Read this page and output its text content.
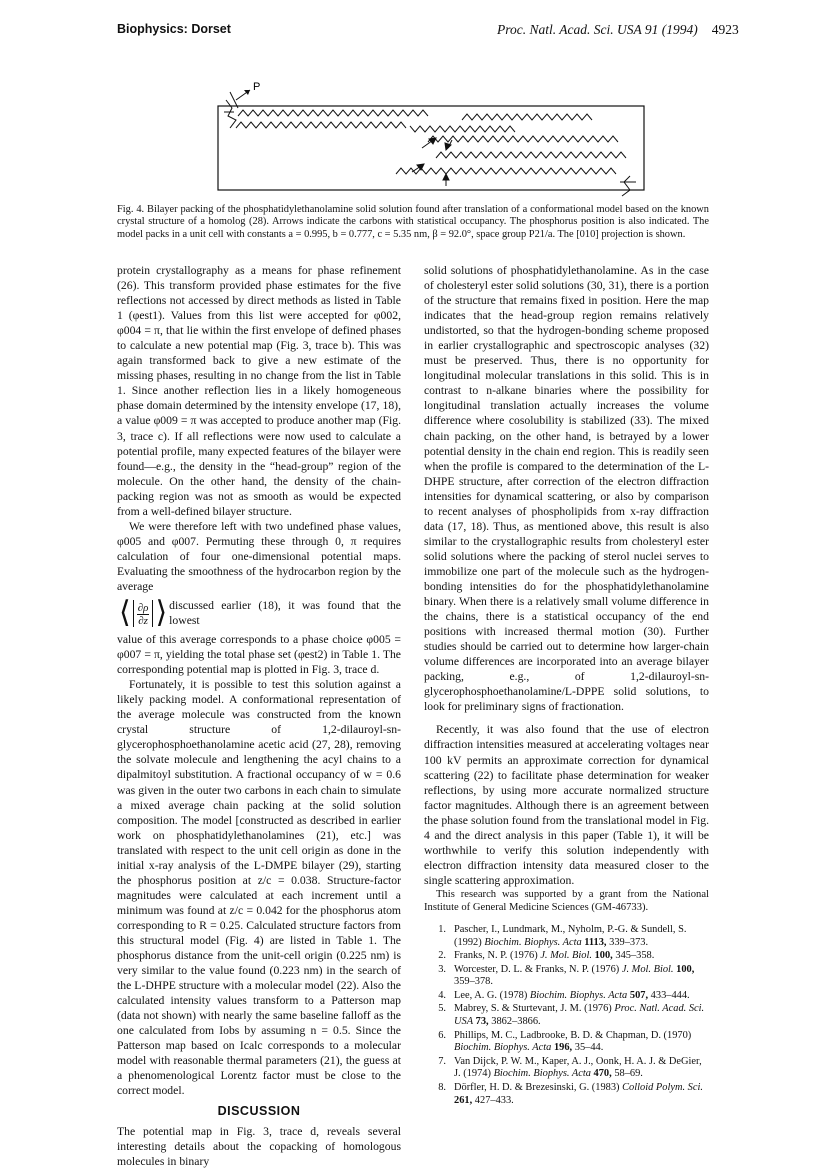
Biophysics: Dorset	Proc. Natl. Acad. Sci. USA 91 (1994) 4923
P
Fig. 4. Bilayer packing of the phosphatidylethanolamine solid solution found after translation of a conformational model based on the known crystal structure of a homolog (28). Arrows indicate the carbons with statistical occupancy. The phosphorus position is also indicated. The model packs in a unit cell with constants a = 0.995, b = 0.777, c = 5.35 nm, β = 92.0°, space group P21/a. The [010] projection is shown.

protein crystallography as a means for phase refinement (26). This transform provided phase estimates for the five reflections not accessed by direct methods as listed in Table 1 (φest1). Values from this list were accepted for φ002, φ004 = π, that lie within the first envelope of defined phases to calculate a new potential map (Fig. 3, trace b). This was again transformed back to give a new estimate of the missing phases, resulting in no change from the list in Table 1. Since another reflection lies in a likely homogeneous phase domain determined by the intensity envelope (17, 18), a value φ009 = π was accepted to produce another map (Fig. 3, trace c). If all reflections were now used to calculate a potential profile, many expected features of the bilayer were found—e.g., the density in the “head-group” region of the molecule. On the other hand, the density of the chain-packing region was not as smooth as would be expected from a well-defined bilayer structure.

We were therefore left with two undefined phase values, φ005 and φ007. Permuting these through 0, π requires calculation of four one-dimensional potential maps. Evaluating the smoothness of the hydrocarbon region by the average

⟨ $\frac{\partial\rho}{\partial z}$ ⟩ discussed earlier (18), it was found that the lowest

value of this average corresponds to a phase choice φ005 = φ007 = π, yielding the total phase set (φest2) in Table 1. The corresponding potential map is plotted in Fig. 3, trace d.

Fortunately, it is possible to test this solution against a likely packing model. A conformational representation of the average molecule was constructed from the known crystal structure of 1,2-dilauroyl-sn-glycerophosphoethanolamine acetic acid (27, 28), removing the solvate molecule and lengthening the acyl chains to a dipalmitoyl substitution. A fractional occupancy of w = 0.6 was given in the outer two carbons in each chain to simulate a mixed average chain packing at the solid solution composition. The model [constructed as described in earlier work on phosphatidylethanolamines (21), etc.] was translated with respect to the unit cell origin as done in the initial x-ray analysis of the L-DMPE bilayer (29), starting the phosphorus position at z/c = 0.038. Structure-factor magnitudes were calculated at each increment until a minimum was found at z/c = 0.042 for the phosphorus atom corresponding to R = 0.25. Calculated structure factors from this structural model (Fig. 4) are listed in Table 1. The phosphorus distance from the unit-cell origin (0.225 nm) is very similar to the value found (0.223 nm) in the search of the L-DHPE structure with a molecular model (22). Also the calculated intensity values transform to a Patterson map (data not shown) with nearly the same baseline falloff as the one calculated from Iobs by assuming n = 0.5. Since the Patterson map based on Icalc corresponds to a molecular model with reasonable thermal parameters (21), the guess at a phenomenological Lorentz factor must be close to the correct model.

DISCUSSION

The potential map in Fig. 3, trace d, reveals several interesting details about the copacking of homologous molecules in binary

solid solutions of phosphatidylethanolamine. As in the case of cholesteryl ester solid solutions (30, 31), there is a portion of the structure that remains fixed in position. Here the map indicates that the head-group region remains relatively undistorted, so that the hydrogen-bonding scheme proposed in earlier crystallographic and spectroscopic analyses (32) must be preserved. Thus, there is no opportunity for longitudinal molecular translations in this solid. This is in contrast to n-alkane binaries where the possibility for longitudinal translation actually increases the volume difference where cosolubility is stabilized (33). The mixed chain packing, on the other hand, is betrayed by a lower potential density in the chain end region. This is readily seen when the profile is compared to the determination of the L-DHPE structure, after correction of the electron diffraction intensities for dynamical scattering, or also by comparison to recent analyses of phospholipids from x-ray diffraction data (17, 18). Thus, as mentioned above, this result is also similar to the crystallographic results from cholesteryl ester solid solutions where the packing of sterol nuclei serves to immobilize one part of the molecule such as the hydrogen-bonding intensities do for the phosphatidylethanolamine binary. When there is a relatively small volume difference in the chains, there is a statistical occupancy of the end positions with increased thermal motion (30). Further studies should be carried out to determine how larger-chain volume differences are incorporated into an average bilayer packing, e.g., of 1,2-dilauroyl-sn-glycerophosphoethanolamine/L-DPPE solid solutions, to look for preliminary signs of fractionation.

Recently, it was also found that the use of electron diffraction intensities measured at accelerating voltages near 100 kV permits an approximate correction for dynamical scattering (22) to facilitate phase determination for weaker reflections, by using more accurate normalized structure factor magnitudes. Although there is an agreement between the phase solution found from the translational model in Fig. 4 and the direct analysis in this paper (Table 1), it will be worthwhile to verify this solution independently with electron diffraction intensity data measured closer to the single scattering approximation.

This research was supported by a grant from the National Institute of General Medicine Sciences (GM-46733).

1. Pascher, I., Lundmark, M., Nyholm, P.-G. & Sundell, S. (1992) Biochim. Biophys. Acta 1113, 339–373.
2. Franks, N. P. (1976) J. Mol. Biol. 100, 345–358.
3. Worcester, D. L. & Franks, N. P. (1976) J. Mol. Biol. 100, 359–378.
4. Lee, A. G. (1978) Biochim. Biophys. Acta 507, 433–444.
5. Mabrey, S. & Sturtevant, J. M. (1976) Proc. Natl. Acad. Sci. USA 73, 3862–3866.
6. Phillips, M. C., Ladbrooke, B. D. & Chapman, D. (1970) Biochim. Biophys. Acta 196, 35–44.
7. Van Dijck, P. W. M., Kaper, A. J., Oonk, H. A. J. & DeGier, J. (1974) Biochim. Biophys. Acta 470, 58–69.
8. Dörfler, H. D. & Brezesinski, G. (1983) Colloid Polym. Sci. 261, 427–433.
